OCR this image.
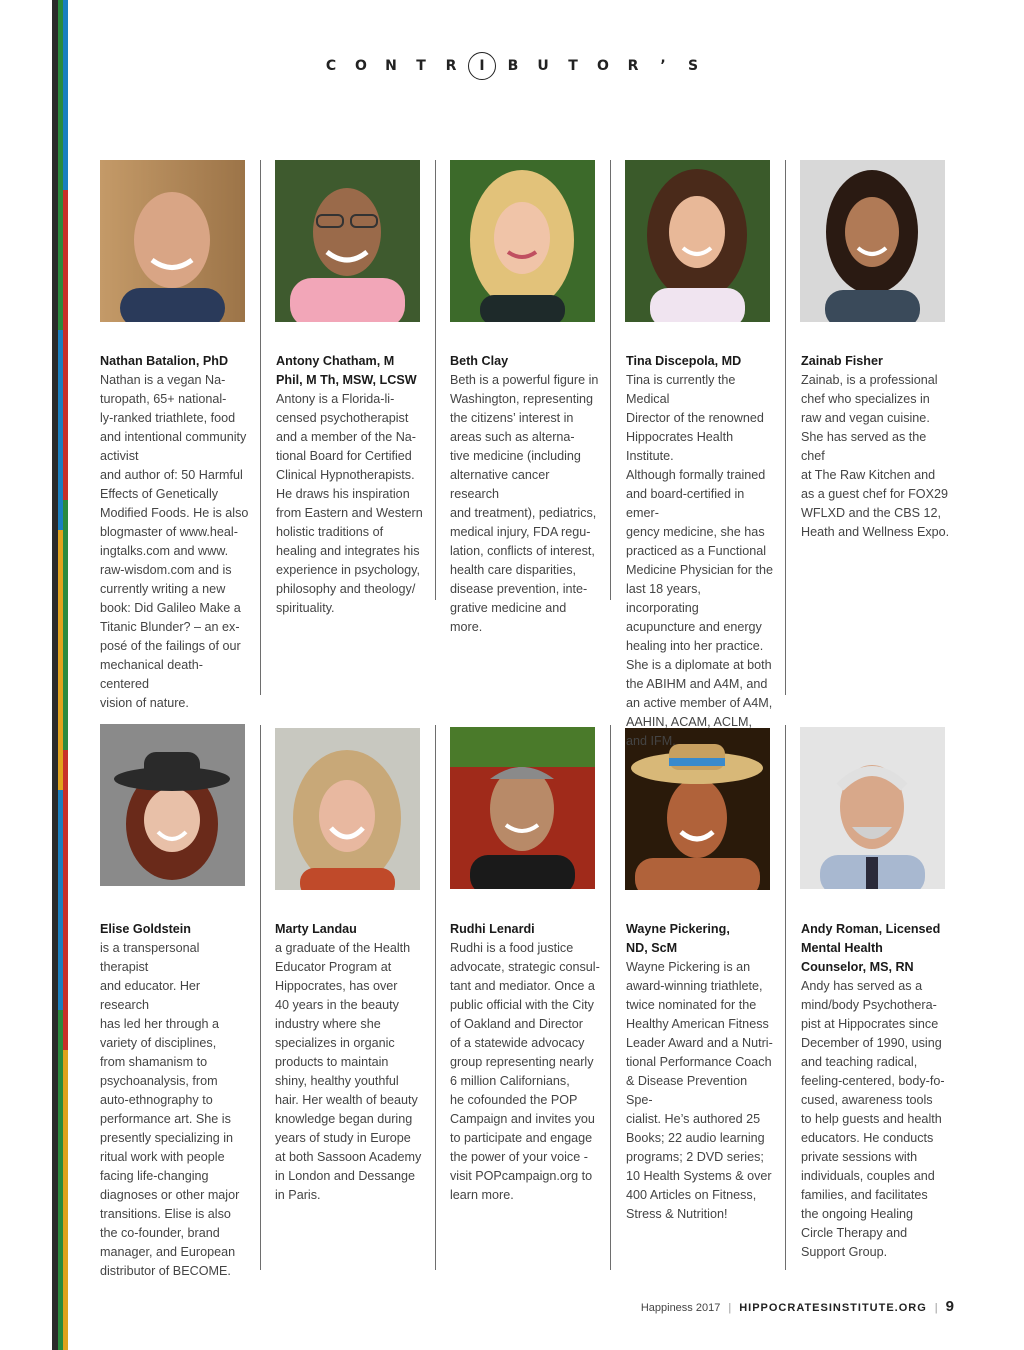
C O N T R I B U T O R ’ S
Nathan Batalion, PhD
Nathan is a vegan Na-
turopath, 65+ national-
ly-ranked triathlete, food
and intentional community
activist
and author of: 50 Harmful
Effects of Genetically
Modified Foods. He is also
blogmaster of www.heal-
ingtalks.com and www.
raw-wisdom.com and is
currently writing a new
book: Did Galileo Make a
Titanic Blunder? – an ex-
posé of the failings of our
mechanical death-centered
vision of nature.
Antony Chatham, M
Phil, M Th, MSW, LCSW
Antony is a Florida-li-
censed psychotherapist
and a member of the Na-
tional Board for Certified
Clinical Hypnotherapists.
He draws his inspiration
from Eastern and Western
holistic traditions of
healing and integrates his
experience in psychology,
philosophy and theology/
spirituality.
Beth Clay
Beth is a powerful figure in
Washington, representing
the citizens’ interest in
areas such as alterna-
tive medicine (including
alternative cancer research
and treatment), pediatrics,
medical injury, FDA regu-
lation, conflicts of interest,
health care disparities,
disease prevention, inte-
grative medicine and more.
Tina Discepola, MD
Tina is currently the Medical
Director of the renowned
Hippocrates Health Institute.
Although formally trained
and board-certified in emer-
gency medicine, she has
practiced as a Functional
Medicine Physician for the
last 18 years, incorporating
acupuncture and energy
healing into her practice.
She is a diplomate at both
the ABIHM and A4M, and
an active member of A4M,
AAHIN, ACAM, ACLM,
and IFM.
Zainab Fisher
Zainab, is a professional
chef who specializes in
raw and vegan cuisine.
She has served as the chef
at The Raw Kitchen and
as a guest chef for FOX29
WFLXD and the CBS 12,
Heath and Wellness Expo.
Elise Goldstein
is a transpersonal therapist
and educator. Her research
has led her through a
variety of disciplines,
from shamanism to
psychoanalysis, from
auto-ethnography to
performance art. She is
presently specializing in
ritual work with people
facing life-changing
diagnoses or other major
transitions. Elise is also
the co-founder, brand
manager, and European
distributor of BECOME.
Marty Landau
a graduate of the Health
Educator Program at
Hippocrates, has over
40 years in the beauty
industry where she
specializes in organic
products to maintain
shiny, healthy youthful
hair. Her wealth of beauty
knowledge began during
years of study in Europe
at both Sassoon Academy
in London and Dessange
in Paris.
Rudhi Lenardi
Rudhi is a food justice
advocate, strategic consul-
tant and mediator. Once a
public official with the City
of Oakland and Director
of a statewide advocacy
group representing nearly
6 million Californians,
he cofounded the POP
Campaign and invites you
to participate and engage
the power of your voice -
visit POPcampaign.org to
learn more.
Wayne Pickering,
ND, ScM
Wayne Pickering is an
award-winning triathlete,
twice nominated for the
Healthy American Fitness
Leader Award and a Nutri-
tional Performance Coach
& Disease Prevention Spe-
cialist. He’s authored 25
Books; 22 audio learning
programs; 2 DVD series;
10 Health Systems & over
400 Articles on Fitness,
Stress & Nutrition!
Andy Roman, Licensed
Mental Health
Counselor, MS, RN
Andy has served as a
mind/body Psychothera-
pist at Hippocrates since
December of 1990, using
and teaching radical,
feeling-centered, body-fo-
cused, awareness tools
to help guests and health
educators. He conducts
private sessions with
individuals, couples and
families, and facilitates
the ongoing Healing
Circle Therapy and
Support Group.
Happiness 2017 | HIPPOCRATESINSTITUTE.ORG | 9
